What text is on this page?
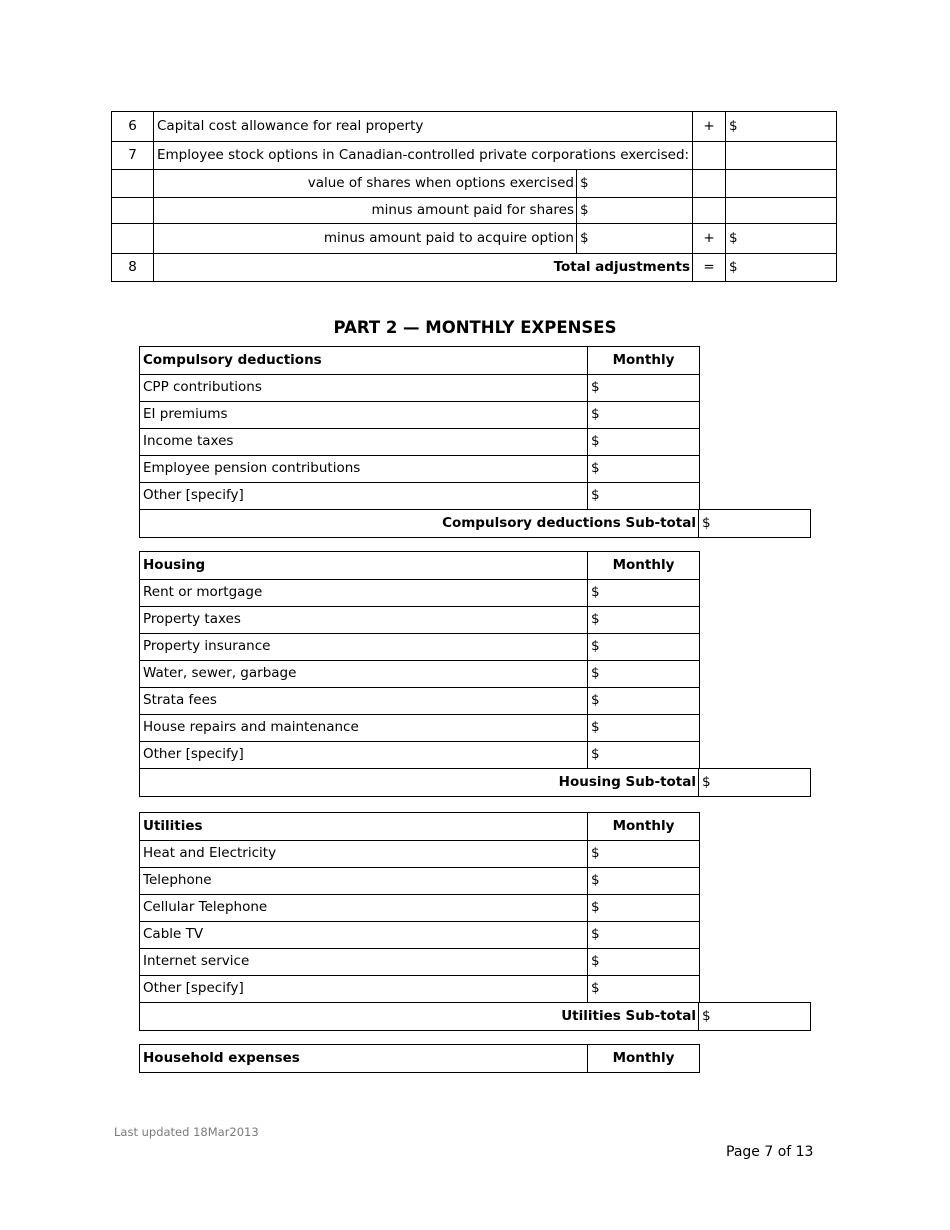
6	Capital cost allowance for real property	+	$
7	Employee stock options in Canadian-controlled private corporations exercised:
value of shares when options exercised $
minus amount paid for shares $
minus amount paid to acquire option $	+	$
8	Total adjustments =	$
PART 2 — MONTHLY EXPENSES
Compulsory deductions	Monthly
CPP contributions	$
EI premiums	$
Income taxes	$
Employee pension contributions	$
Other [specify]	$
Compulsory deductions Sub-total $
Housing	Monthly
Rent or mortgage	$
Property taxes	$
Property insurance	$
Water, sewer, garbage	$
Strata fees	$
House repairs and maintenance	$
Other [specify]	$
Housing Sub-total $
Utilities	Monthly
Heat and Electricity	$
Telephone	$
Cellular Telephone	$
Cable TV	$
Internet service	$
Other [specify]	$
Utilities Sub-total $
Household expenses	Monthly
Last updated 18Mar2013
Page 7 of 13
